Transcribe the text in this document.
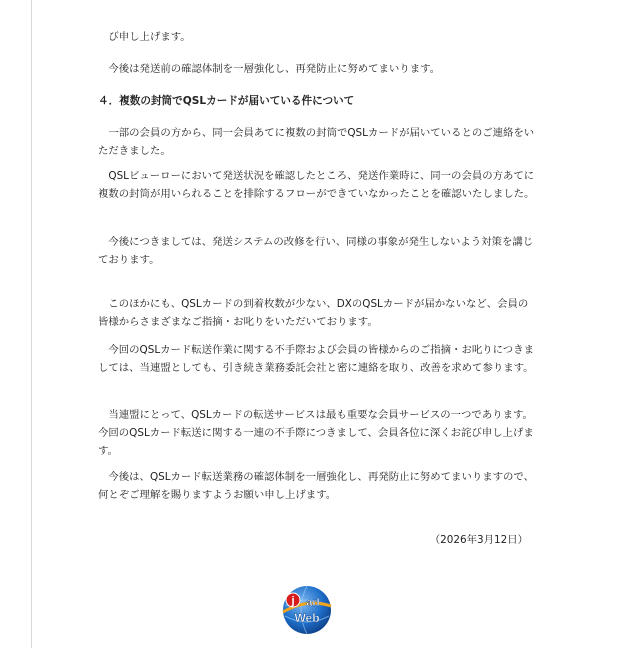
び申し上げます。

今後は発送前の確認体制を一層強化し、再発防止に努めてまいります。

４．複数の封筒でQSLカードが届いている件について

一部の会員の方から、同一会員あてに複数の封筒でQSLカードが届いているとのご連絡をいただきました。

QSLビューローにおいて発送状況を確認したところ、発送作業時に、同一の会員の方あてに複数の封筒が用いられることを排除するフローができていなかったことを確認いたしました。

今後につきましては、発送システムの改修を行い、同様の事象が発生しないよう対策を講じております。

このほかにも、QSLカードの到着枚数が少ない、DXのQSLカードが届かないなど、会員の皆様からさまざまなご指摘・お叱りをいただいております。

今回のQSLカード転送作業に関する不手際および会員の皆様からのご指摘・お叱りにつきましては、当連盟としても、引き続き業務委託会社と密に連絡を取り、改善を求めて参ります。

当連盟にとって、QSLカードの転送サービスは最も重要な会員サービスの一つであります。今回のQSLカード転送に関する一連の不手際につきまして、会員各位に深くお詫び申し上げます。

今後は、QSLカード転送業務の確認体制を一層強化し、再発防止に努めてまいりますので、何とぞご理解を賜りますようお願い申し上げます。

（2026年3月12日）
j arl
Web
